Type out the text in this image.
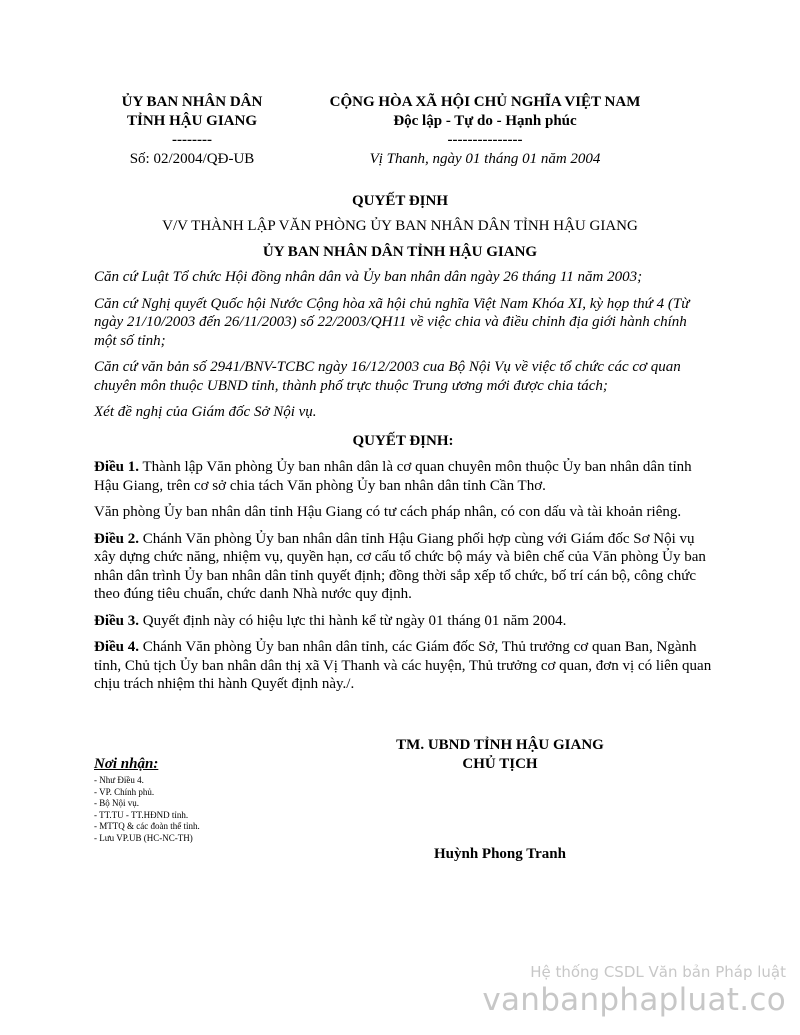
ỦY BAN NHÂN DÂN
TỈNH HẬU GIANG
--------
Số: 02/2004/QĐ-UB
CỘNG HÒA XÃ HỘI CHỦ NGHĨA VIỆT NAM
Độc lập - Tự do - Hạnh phúc
---------------
Vị Thanh, ngày 01 tháng 01 năm 2004
QUYẾT ĐỊNH
V/V THÀNH LẬP VĂN PHÒNG ỦY BAN NHÂN DÂN TỈNH HẬU GIANG
ỦY BAN NHÂN DÂN TỈNH HẬU GIANG

Căn cứ Luật Tổ chức Hội đồng nhân dân và Ủy ban nhân dân ngày 26 tháng 11 năm 2003;

Căn cứ Nghị quyết Quốc hội Nước Cộng hòa xã hội chủ nghĩa Việt Nam Khóa XI, kỳ họp thứ 4 (Từ ngày 21/10/2003 đến 26/11/2003) số 22/2003/QH11 về việc chia và điều chỉnh địa giới hành chính một số tỉnh;

Căn cứ văn bản số 2941/BNV-TCBC ngày 16/12/2003 cua Bộ Nội Vụ về việc tổ chức các cơ quan chuyên môn thuộc UBND tỉnh, thành phố trực thuộc Trung ương mới được chia tách;

Xét đề nghị của Giám đốc Sở Nội vụ.

QUYẾT ĐỊNH:

Điều 1. Thành lập Văn phòng Ủy ban nhân dân là cơ quan chuyên môn thuộc Ủy ban nhân dân tỉnh Hậu Giang, trên cơ sở chia tách Văn phòng Ủy ban nhân dân tỉnh Cần Thơ.

Văn phòng Ủy ban nhân dân tỉnh Hậu Giang có tư cách pháp nhân, có con dấu và tài khoản riêng.

Điều 2. Chánh Văn phòng Ủy ban nhân dân tỉnh Hậu Giang phối hợp cùng với Giám đốc Sơ Nội vụ xây dựng chức năng, nhiệm vụ, quyền hạn, cơ cấu tổ chức bộ máy và biên chế của Văn phòng Ủy ban nhân dân trình Ủy ban nhân dân tỉnh quyết định; đồng thời sắp xếp tổ chức, bố trí cán bộ, công chức theo đúng tiêu chuẩn, chức danh Nhà nước quy định.

Điều 3. Quyết định này có hiệu lực thi hành kể từ ngày 01 tháng 01 năm 2004.

Điều 4. Chánh Văn phòng Ủy ban nhân dân tỉnh, các Giám đốc Sở, Thủ trưởng cơ quan Ban, Ngành tỉnh, Chủ tịch Ủy ban nhân dân thị xã Vị Thanh và các huyện, Thủ trưởng cơ quan, đơn vị có liên quan chịu trách nhiệm thi hành Quyết định này./.

Nơi nhận:
- Như Điều 4.
- VP. Chính phủ.
- Bộ Nội vụ.
- TT.TU - TT.HĐND tỉnh.
- MTTQ & các đoàn thể tỉnh.
- Lưu VP.UB (HC-NC-TH)
TM. UBND TỈNH HẬU GIANG
CHỦ TỊCH
Huỳnh Phong Tranh
Hệ thống CSDL Văn bản Pháp luật
vanbanphapluat.co
